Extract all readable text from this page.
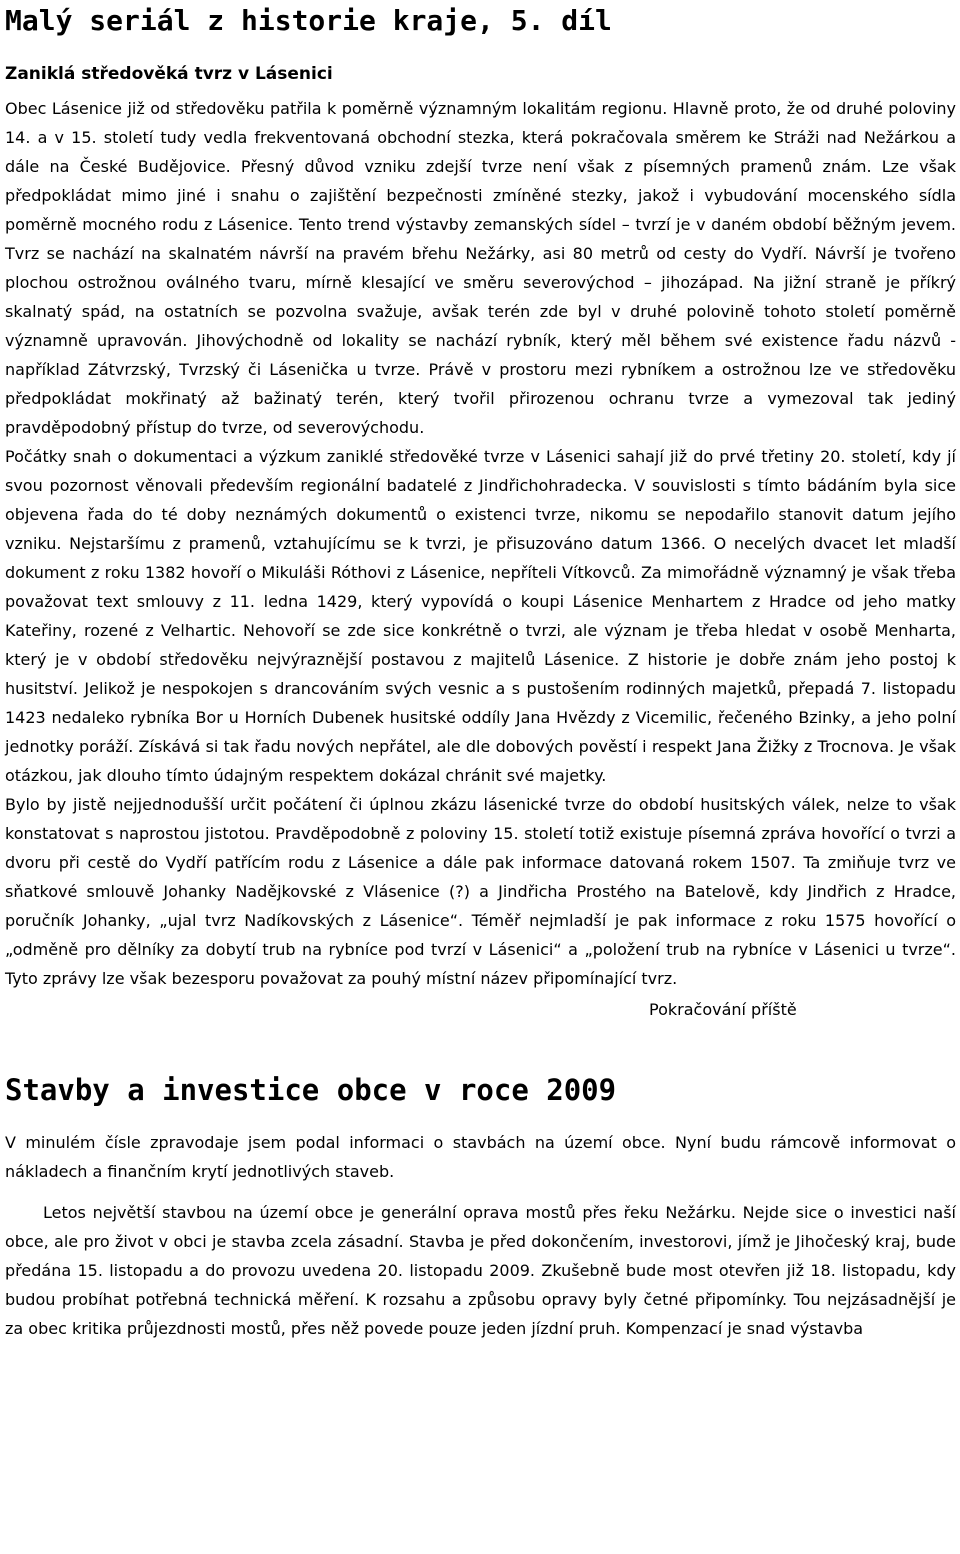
Malý seriál z historie kraje, 5. díl
Zaniklá středověká tvrz v Lásenici

Obec Lásenice již od středověku patřila k poměrně významným lokalitám regionu. Hlavně proto, že od druhé poloviny 14. a v 15. století tudy vedla frekventovaná obchodní stezka, která pokračovala směrem ke Stráži nad Nežárkou a dále na České Budějovice. Přesný důvod vzniku zdejší tvrze není však z písemných pramenů znám. Lze však předpokládat mimo jiné i snahu o zajištění bezpečnosti zmíněné stezky, jakož i vybudování mocenského sídla poměrně mocného rodu z Lásenice. Tento trend výstavby zemanských sídel – tvrzí je v daném období běžným jevem. Tvrz se nachází na skalnatém návrší na pravém břehu Nežárky, asi 80 metrů od cesty do Vydří. Návrší je tvořeno plochou ostrožnou oválného tvaru, mírně klesající ve směru severovýchod – jihozápad. Na jižní straně je příkrý skalnatý spád, na ostatních se pozvolna svažuje, avšak terén zde byl v druhé polovině tohoto století poměrně významně upravován. Jihovýchodně od lokality se nachází rybník, který měl během své existence řadu názvů - například Zátvrzský, Tvrzský či Lásenička u tvrze. Právě v prostoru mezi rybníkem a ostrožnou lze ve středověku předpokládat mokřinatý až bažinatý terén, který tvořil přirozenou ochranu tvrze a vymezoval tak jediný pravděpodobný přístup do tvrze, od severovýchodu.

Počátky snah o dokumentaci a výzkum zaniklé středověké tvrze v Lásenici sahají již do prvé třetiny 20. století, kdy jí svou pozornost věnovali především regionální badatelé z Jindřichohradecka. V souvislosti s tímto bádáním byla sice objevena řada do té doby neznámých dokumentů o existenci tvrze, nikomu se nepodařilo stanovit datum jejího vzniku. Nejstaršímu z pramenů, vztahujícímu se k tvrzi, je přisuzováno datum 1366. O necelých dvacet let mladší dokument z roku 1382 hovoří o Mikuláši Róthovi z Lásenice, nepříteli Vítkovců. Za mimořádně významný je však třeba považovat text smlouvy z 11. ledna 1429, který vypovídá o koupi Lásenice Menhartem z Hradce od jeho matky Kateřiny, rozené z Velhartic. Nehovoří se zde sice konkrétně o tvrzi, ale význam je třeba hledat v osobě Menharta, který je v období středověku nejvýraznější postavou z majitelů Lásenice. Z historie je dobře znám jeho postoj k husitství. Jelikož je nespokojen s drancováním svých vesnic a s pustošením rodinných majetků, přepadá 7. listopadu 1423 nedaleko rybníka Bor u Horních Dubenek husitské oddíly Jana Hvězdy z Vicemilic, řečeného Bzinky, a jeho polní jednotky poráží. Získává si tak řadu nových nepřátel, ale dle dobových pověstí i respekt Jana Žižky z Trocnova. Je však otázkou, jak dlouho tímto údajným respektem dokázal chránit své majetky.

Bylo by jistě nejjednodušší určit počátení či úplnou zkázu lásenické tvrze do období husitských válek, nelze to však konstatovat s naprostou jistotou. Pravděpodobně z poloviny 15. století totiž existuje písemná zpráva hovořící o tvrzi a dvoru při cestě do Vydří patřícím rodu z Lásenice a dále pak informace datovaná rokem 1507. Ta zmiňuje tvrz ve sňatkové smlouvě Johanky Nadějkovské z Vlásenice (?) a Jindřicha Prostého na Batelově, kdy Jindřich z Hradce, poručník Johanky, „ujal tvrz Nadíkovských z Lásenice“. Téměř nejmladší je pak informace z roku 1575 hovořící o „odměně pro dělníky za dobytí trub na rybníce pod tvrzí v Lásenici“ a „položení trub na rybníce v Lásenici u tvrze“. Tyto zprávy lze však bezesporu považovat za pouhý místní název připomínající tvrz.

Pokračování příště

Stavby a investice obce v roce 2009

V minulém čísle zpravodaje jsem podal informaci o stavbách na území obce. Nyní budu rámcově informovat o nákladech a finančním krytí jednotlivých staveb.

Letos největší stavbou na území obce je generální oprava mostů přes řeku Nežárku. Nejde sice o investici naší obce, ale pro život v obci je stavba zcela zásadní. Stavba je před dokončením, investorovi, jímž je Jihočeský kraj, bude předána 15. listopadu a do provozu uvedena 20. listopadu 2009. Zkušebně bude most otevřen již 18. listopadu, kdy budou probíhat potřebná technická měření. K rozsahu a způsobu opravy byly četné připomínky. Tou nejzásadnější je za obec kritika průjezdnosti mostů, přes něž povede pouze jeden jízdní pruh. Kompenzací je snad výstavba
